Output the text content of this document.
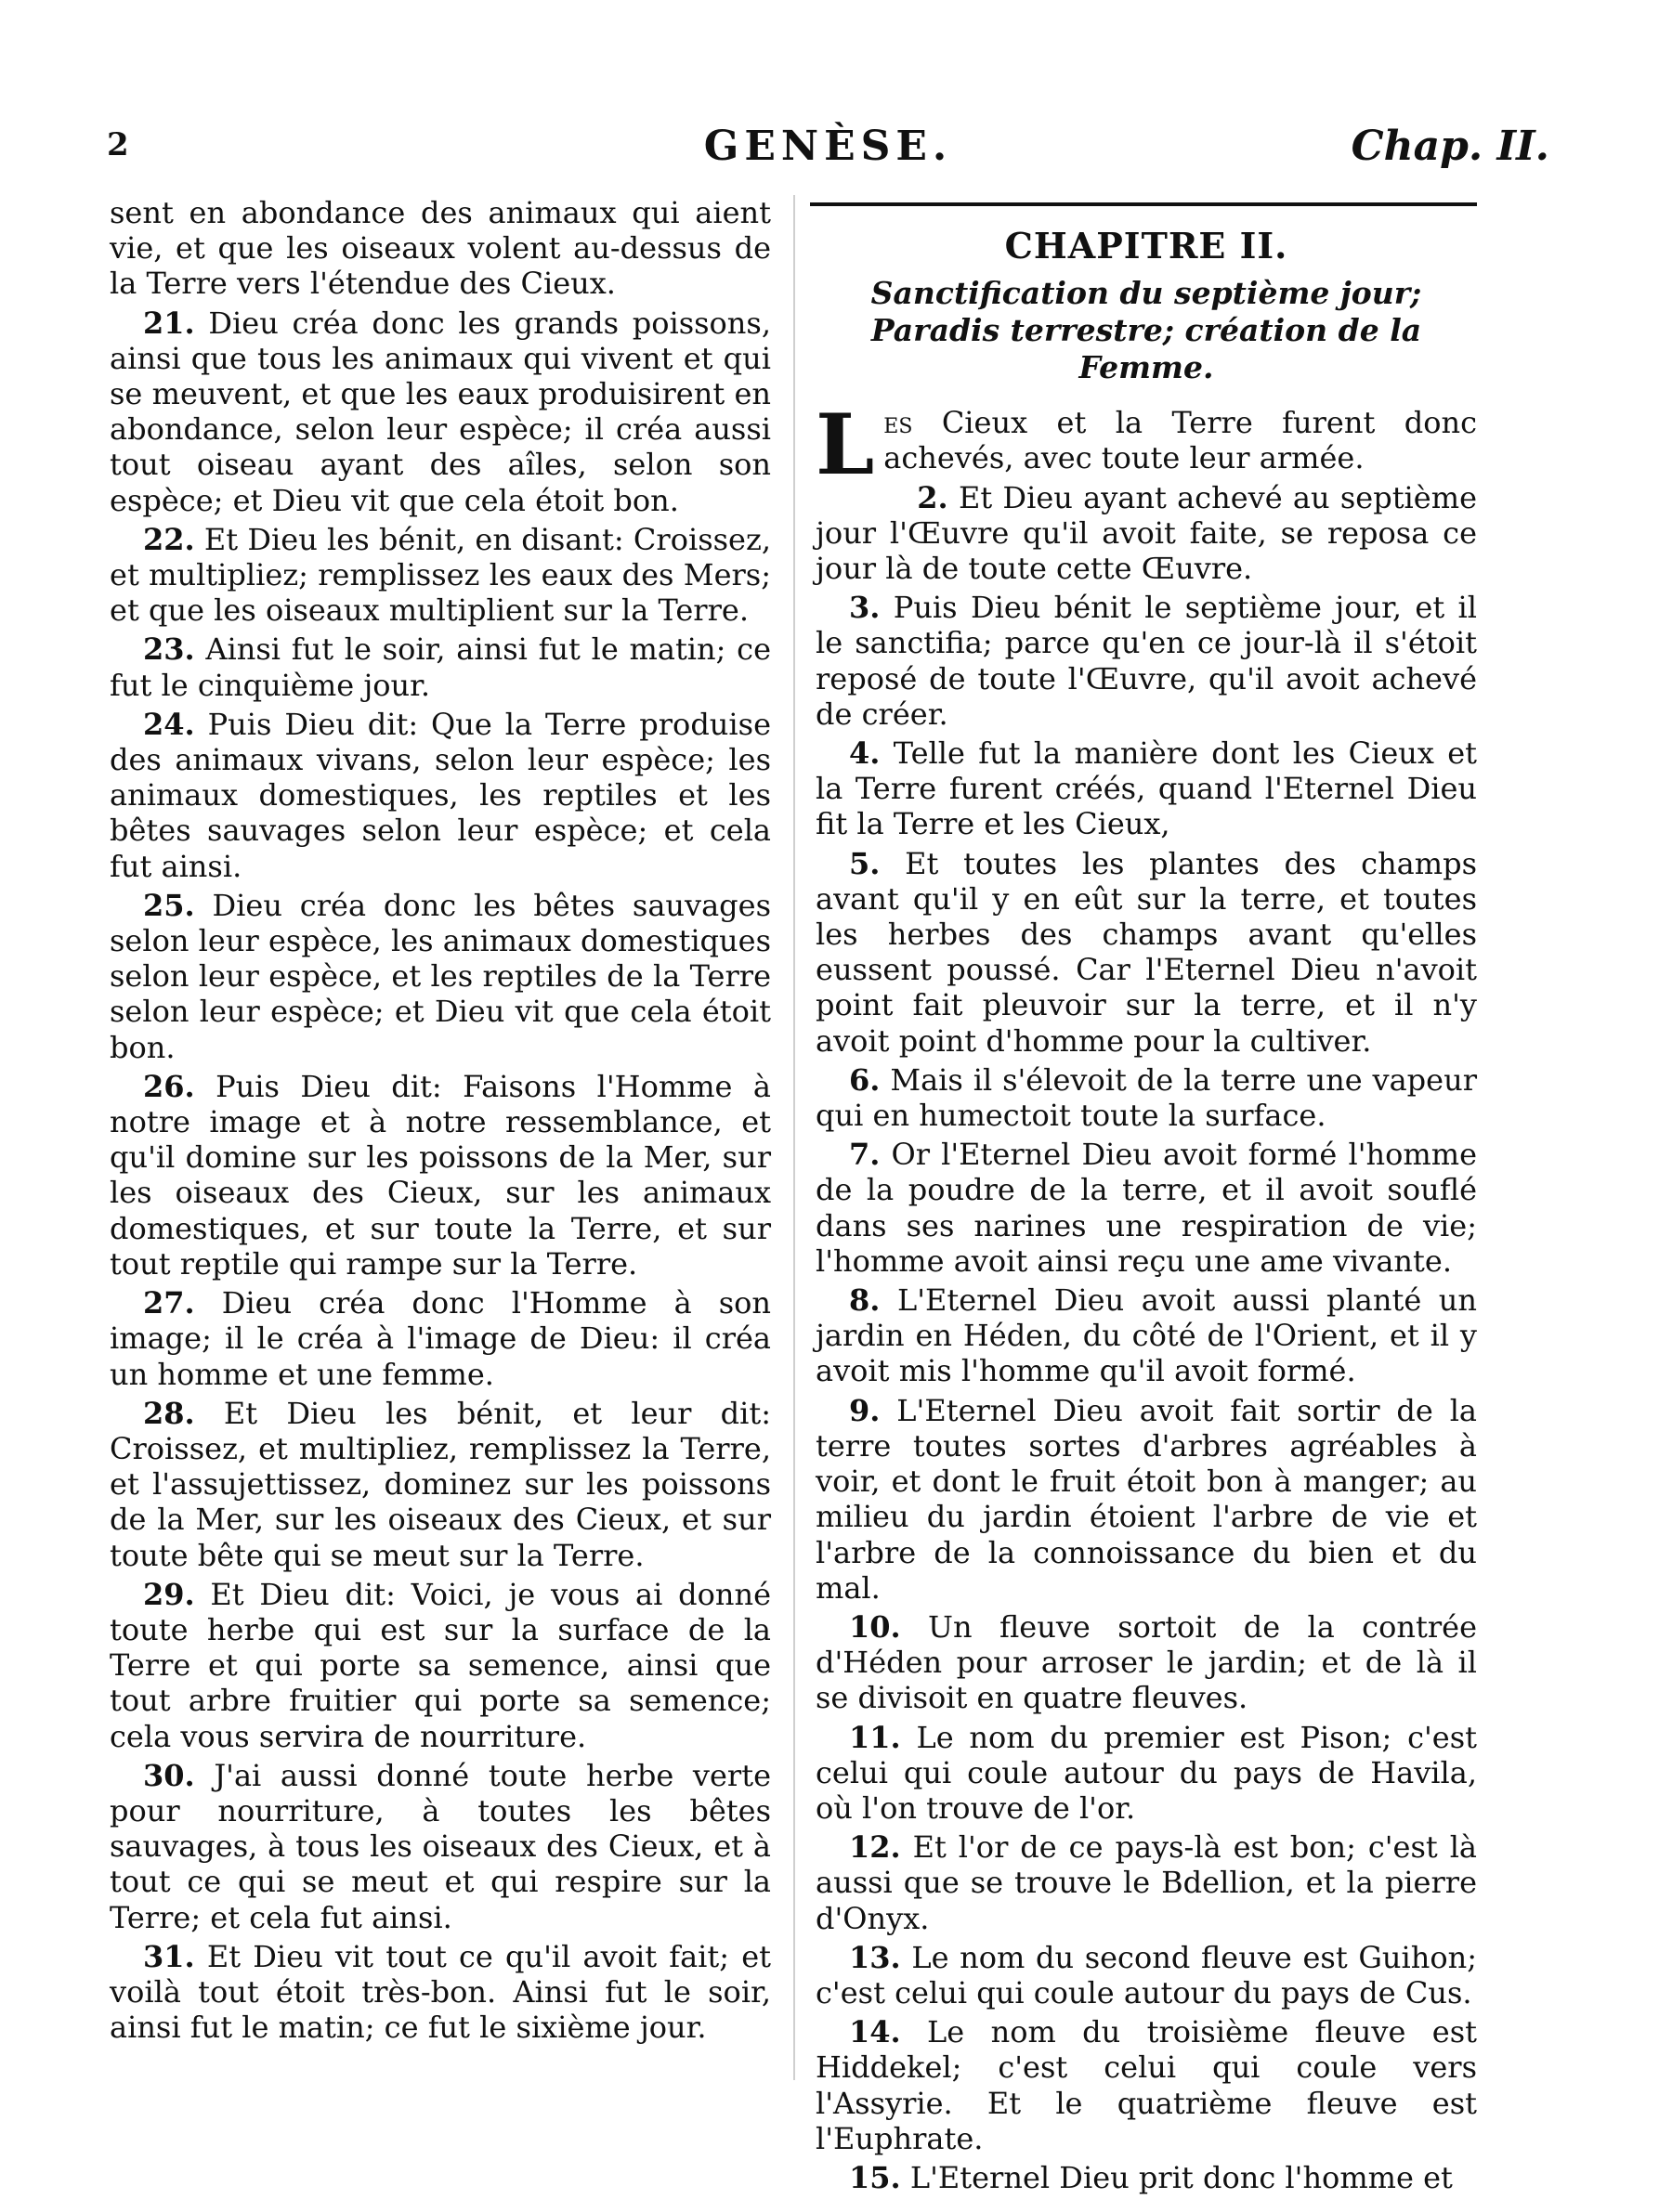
2	GENÈSE.	Chap. II.

sent en abondance des animaux qui aient vie, et que les oiseaux volent au-dessus de la Terre vers l'étendue des Cieux.

21. Dieu créa donc les grands poissons, ainsi que tous les animaux qui vivent et qui se meuvent, et que les eaux produisirent en abondance, selon leur espèce; il créa aussi tout oiseau ayant des aîles, selon son espèce; et Dieu vit que cela étoit bon.

22. Et Dieu les bénit, en disant: Croissez, et multipliez; remplissez les eaux des Mers; et que les oiseaux multiplient sur la Terre.

23. Ainsi fut le soir, ainsi fut le matin; ce fut le cinquième jour.

24. Puis Dieu dit: Que la Terre produise des animaux vivans, selon leur espèce; les animaux domestiques, les reptiles et les bêtes sauvages selon leur espèce; et cela fut ainsi.

25. Dieu créa donc les bêtes sauvages selon leur espèce, les animaux domestiques selon leur espèce, et les reptiles de la Terre selon leur espèce; et Dieu vit que cela étoit bon.

26. Puis Dieu dit: Faisons l'Homme à notre image et à notre ressemblance, et qu'il domine sur les poissons de la Mer, sur les oiseaux des Cieux, sur les animaux domestiques, et sur toute la Terre, et sur tout reptile qui rampe sur la Terre.

27. Dieu créa donc l'Homme à son image; il le créa à l'image de Dieu: il créa un homme et une femme.

28. Et Dieu les bénit, et leur dit: Croissez, et multipliez, remplissez la Terre, et l'assujettissez, dominez sur les poissons de la Mer, sur les oiseaux des Cieux, et sur toute bête qui se meut sur la Terre.

29. Et Dieu dit: Voici, je vous ai donné toute herbe qui est sur la surface de la Terre et qui porte sa semence, ainsi que tout arbre fruitier qui porte sa semence; cela vous servira de nourriture.

30. J'ai aussi donné toute herbe verte pour nourriture, à toutes les bêtes sauvages, à tous les oiseaux des Cieux, et à tout ce qui se meut et qui respire sur la Terre; et cela fut ainsi.

31. Et Dieu vit tout ce qu'il avoit fait; et voilà tout étoit très-bon. Ainsi fut le soir, ainsi fut le matin; ce fut le sixième jour.

CHAPITRE II.
Sanctification du septième jour; Paradis terrestre; création de la Femme.

Les Cieux et la Terre furent donc achevés, avec toute leur armée.

2. Et Dieu ayant achevé au septième jour l'Œuvre qu'il avoit faite, se reposa ce jour là de toute cette Œuvre.

3. Puis Dieu bénit le septième jour, et il le sanctifia; parce qu'en ce jour-là il s'étoit reposé de toute l'Œuvre, qu'il avoit achevé de créer.

4. Telle fut la manière dont les Cieux et la Terre furent créés, quand l'Eternel Dieu fit la Terre et les Cieux,

5. Et toutes les plantes des champs avant qu'il y en eût sur la terre, et toutes les herbes des champs avant qu'elles eussent poussé. Car l'Eternel Dieu n'avoit point fait pleuvoir sur la terre, et il n'y avoit point d'homme pour la cultiver.

6. Mais il s'élevoit de la terre une vapeur qui en humectoit toute la surface.

7. Or l'Eternel Dieu avoit formé l'homme de la poudre de la terre, et il avoit souflé dans ses narines une respiration de vie; l'homme avoit ainsi reçu une ame vivante.

8. L'Eternel Dieu avoit aussi planté un jardin en Héden, du côté de l'Orient, et il y avoit mis l'homme qu'il avoit formé.

9. L'Eternel Dieu avoit fait sortir de la terre toutes sortes d'arbres agréables à voir, et dont le fruit étoit bon à manger; au milieu du jardin étoient l'arbre de vie et l'arbre de la connoissance du bien et du mal.

10. Un fleuve sortoit de la contrée d'Héden pour arroser le jardin; et de là il se divisoit en quatre fleuves.

11. Le nom du premier est Pison; c'est celui qui coule autour du pays de Havila, où l'on trouve de l'or.

12. Et l'or de ce pays-là est bon; c'est là aussi que se trouve le Bdellion, et la pierre d'Onyx.

13. Le nom du second fleuve est Guihon; c'est celui qui coule autour du pays de Cus.

14. Le nom du troisième fleuve est Hiddekel; c'est celui qui coule vers l'Assyrie. Et le quatrième fleuve est l'Euphrate.

15. L'Eternel Dieu prit donc l'homme et
